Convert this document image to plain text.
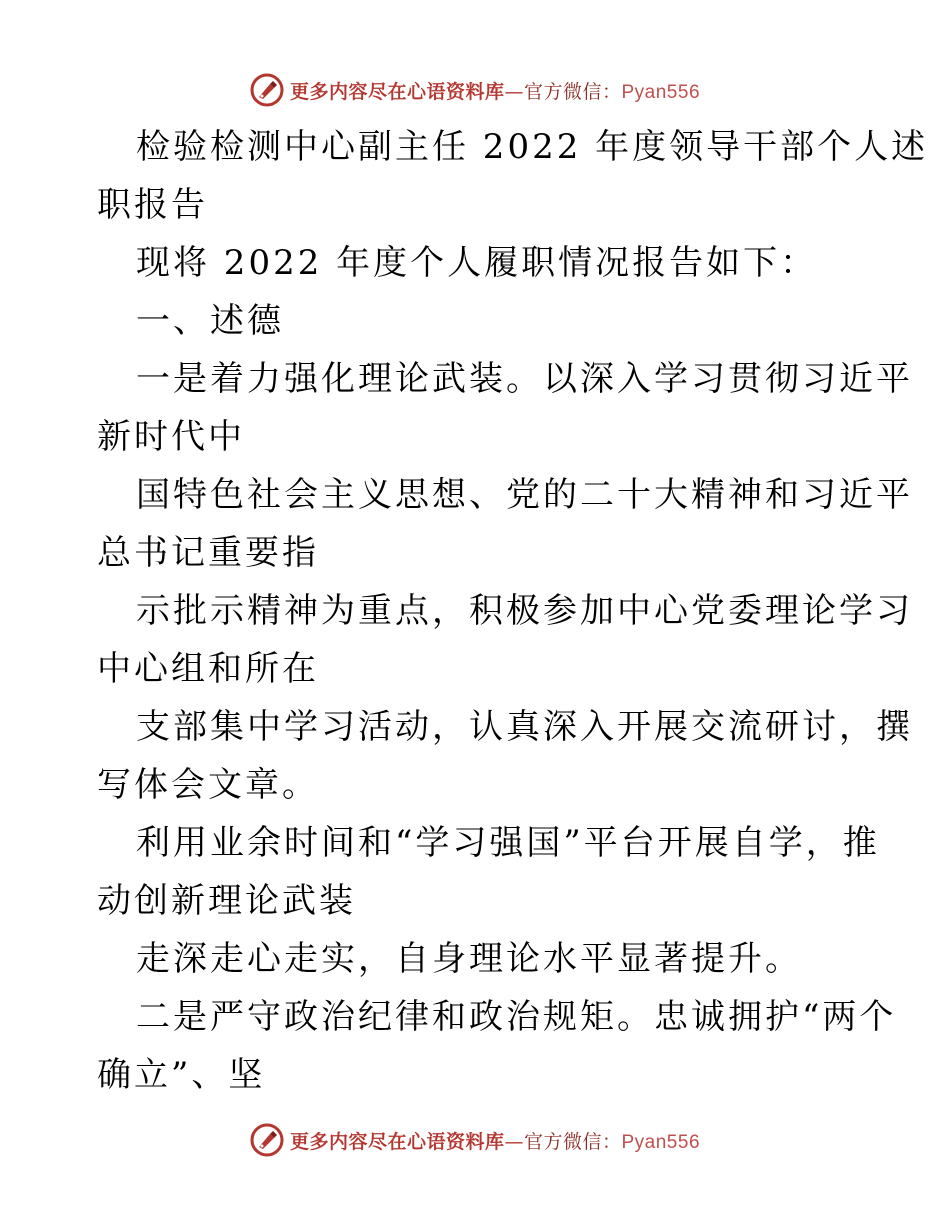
更多内容尽在心语资料库—官方微信：Pyan556
检验检测中心副主任 2022 年度领导干部个人述
职报告
现将 2022 年度个人履职情况报告如下：
一、述德
一是着力强化理论武装。以深入学习贯彻习近平
新时代中
国特色社会主义思想、党的二十大精神和习近平
总书记重要指
示批示精神为重点，积极参加中心党委理论学习
中心组和所在
支部集中学习活动，认真深入开展交流研讨，撰
写体会文章。
利用业余时间和“学习强国”平台开展自学，推
动创新理论武装
走深走心走实，自身理论水平显著提升。
二是严守政治纪律和政治规矩。忠诚拥护“两个
确立”、坚
更多内容尽在心语资料库—官方微信：Pyan556
